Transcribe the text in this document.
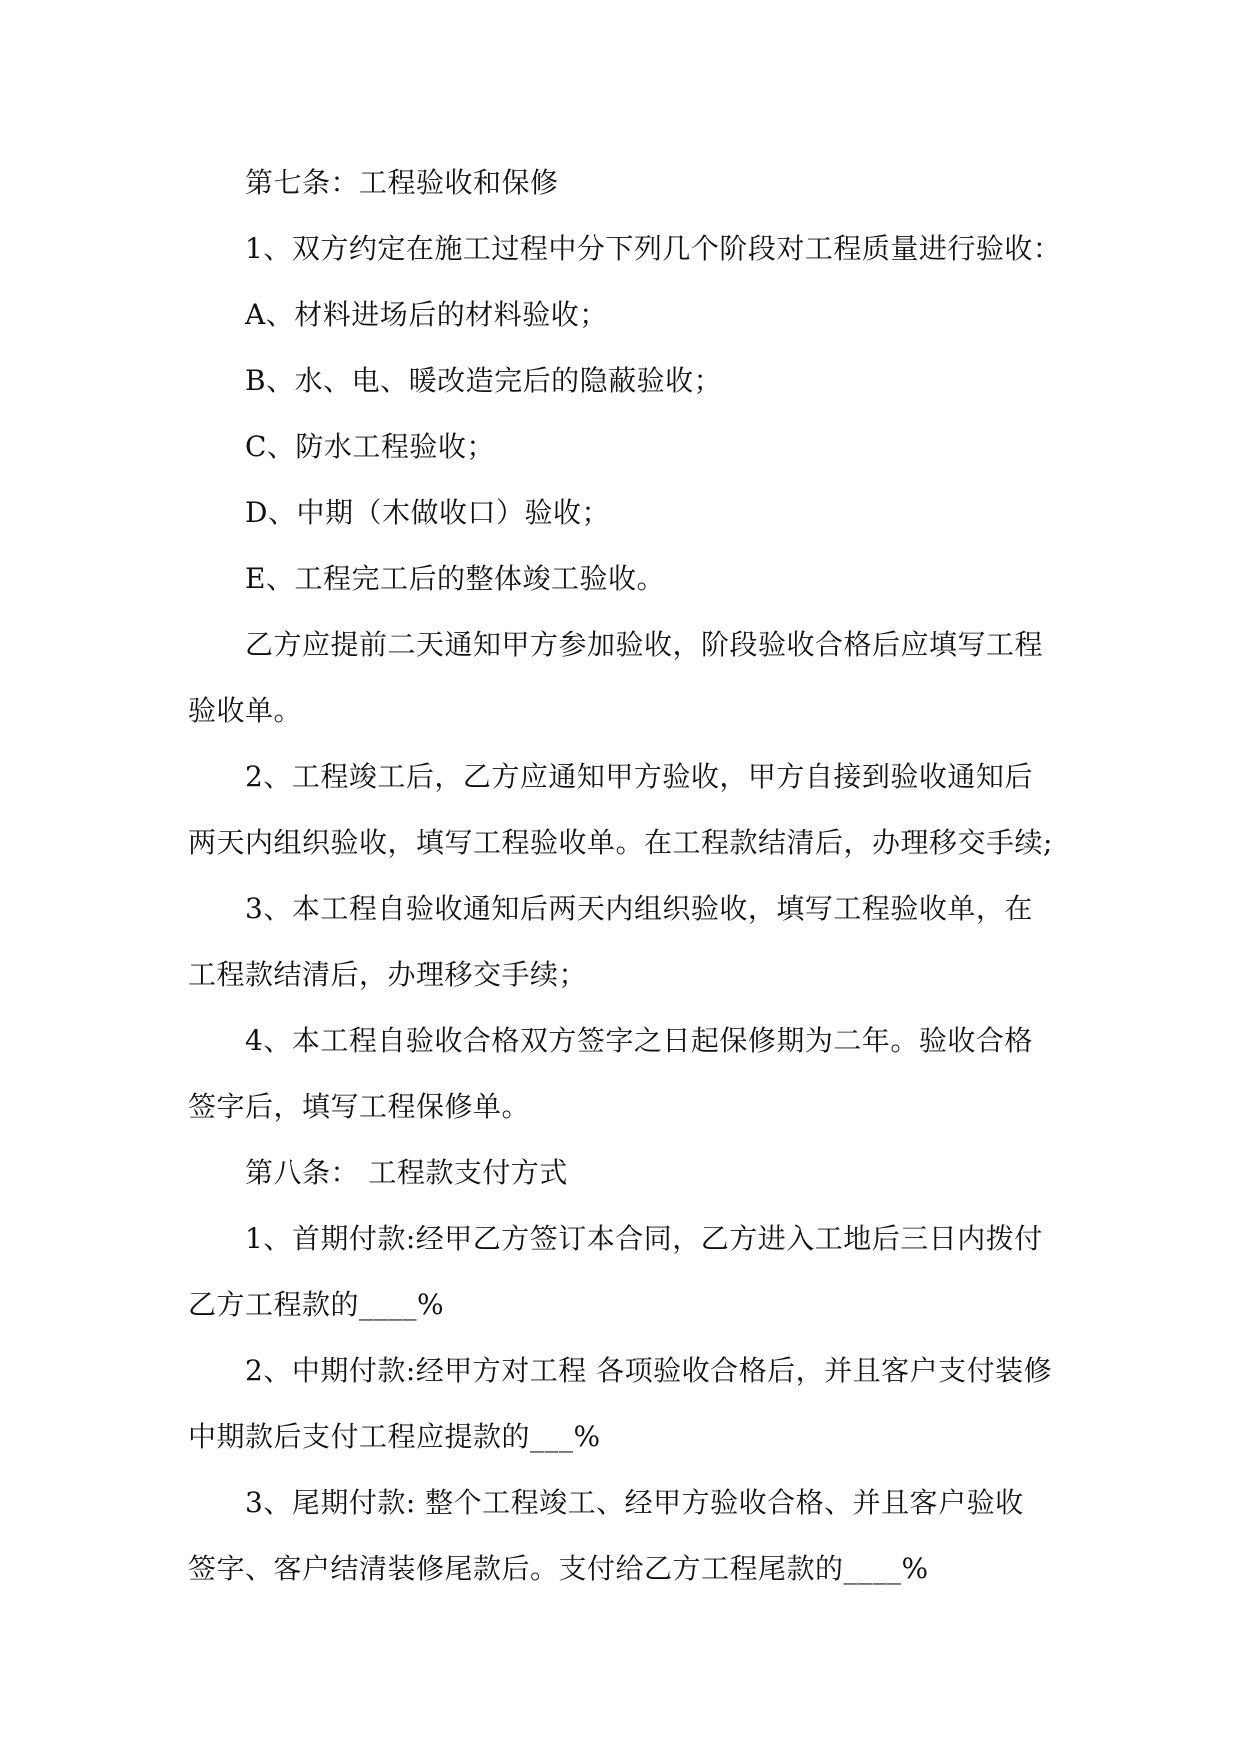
第七条：工程验收和保修
1、双方约定在施工过程中分下列几个阶段对工程质量进行验收：
A、材料进场后的材料验收；
B、水、电、暖改造完后的隐蔽验收；
C、防水工程验收；
D、中期（木做收口）验收；
E、工程完工后的整体竣工验收。
乙方应提前二天通知甲方参加验收，阶段验收合格后应填写工程
验收单。
2、工程竣工后，乙方应通知甲方验收，甲方自接到验收通知后
两天内组织验收，填写工程验收单。在工程款结清后，办理移交手续;
3、本工程自验收通知后两天内组织验收，填写工程验收单，在
工程款结清后，办理移交手续；
4、本工程自验收合格双方签字之日起保修期为二年。验收合格
签字后，填写工程保修单。
第八条： 工程款支付方式
1、首期付款:经甲乙方签订本合同，乙方进入工地后三日内拨付
乙方工程款的____%
2、中期付款:经甲方对工程 各项验收合格后，并且客户支付装修
中期款后支付工程应提款的___%
3、尾期付款: 整个工程竣工、经甲方验收合格、并且客户验收
签字、客户结清装修尾款后。支付给乙方工程尾款的____%
